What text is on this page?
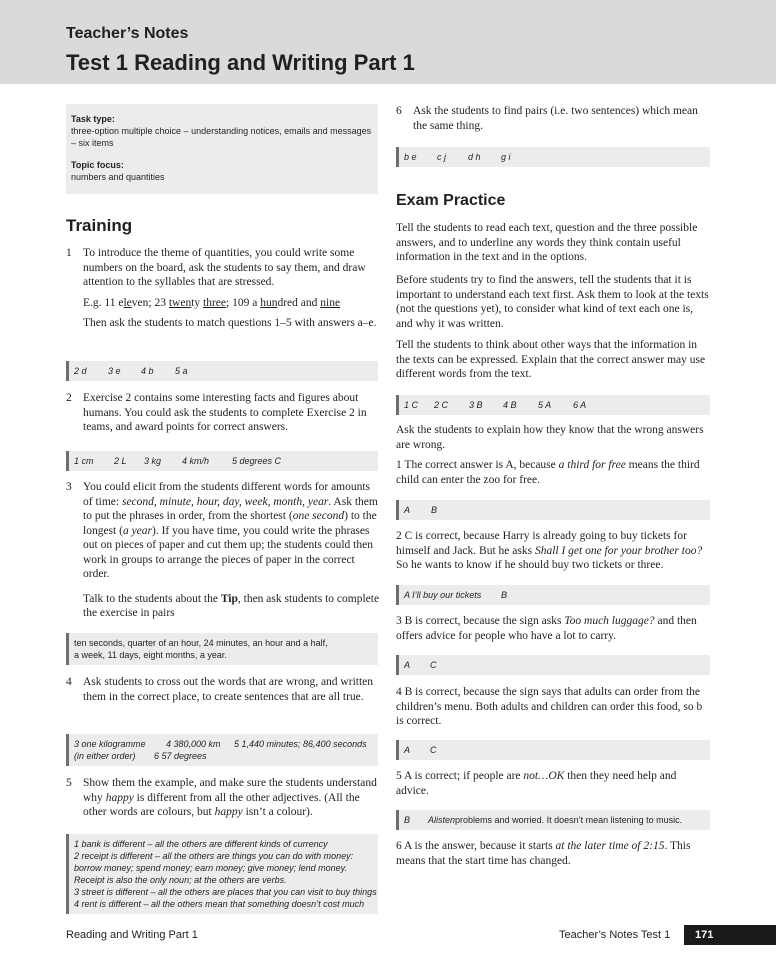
Teacher’s Notes
Test 1 Reading and Writing Part 1
Task type:
three-option multiple choice – understanding notices, emails and messages – six items
Topic focus:
numbers and quantities
Training
1 To introduce the theme of quantities, you could write some numbers on the board, ask the students to say them, and draw attention to the syllables that are stressed.
E.g. 11 eleven; 23 twenty three; 109 a hundred and nine
Then ask the students to match questions 1–5 with answers a–e.
2 d	3 e	4 b	5 a
2 Exercise 2 contains some interesting facts and figures about humans. You could ask the students to complete Exercise 2 in teams, and award points for correct answers.
1 cm	2 L	3 kg	4 km/h	5 degrees C
3 You could elicit from the students different words for amounts of time: second, minute, hour, day, week, month, year. Ask them to put the phrases in order, from the shortest (one second) to the longest (a year). If you have time, you could write the phrases out on pieces of paper and cut them up; the students could then work in groups to arrange the pieces of paper in the correct order.
Talk to the students about the Tip, then ask students to complete the exercise in pairs
ten seconds, quarter of an hour, 24 minutes, an hour and a half,
a week, 11 days, eight months, a year.
4 Ask students to cross out the words that are wrong, and written them in the correct place, to create sentences that are all true.
3 one kilogramme 4 380,000 km 5 1,440 minutes; 86,400 seconds
(in either order) 6 57 degrees
5 Show them the example, and make sure the students understand why happy is different from all the other adjectives. (All the other words are colours, but happy isn’t a colour).
1 bank is different – all the others are different kinds of currency
2 receipt is different – all the others are things you can do with money: borrow money; spend money; earn money; give money; lend money. Receipt is also the only noun; at the others are verbs.
3 street is different – all the others are places that you can visit to buy things
4 rent is different – all the others mean that something doesn’t cost much
6 Ask the students to find pairs (i.e. two sentences) which mean the same thing.
b e	c j	d h	g i
Exam Practice
Tell the students to read each text, question and the three possible answers, and to underline any words they think contain useful information in the text and in the options.
Before students try to find the answers, tell the students that it is important to understand each text first. Ask them to look at the texts (not the questions yet), to consider what kind of text each one is, and why it was written.
Tell the students to think about other ways that the information in the texts can be expressed. Explain that the correct answer may use different words from the text.
1 C	2 C	3 B	4 B	5 A	6 A
Ask the students to explain how they know that the wrong answers are wrong.
1 The correct answer is A, because a third for free means the third child can enter the zoo for free.
A	B
2 C is correct, because Harry is already going to buy tickets for himself and Jack. But he asks Shall I get one for your brother too? So he wants to know if he should buy two tickets or three.
A I’ll buy our tickets	B
3 B is correct, because the sign asks Too much luggage? and then offers advice for people who have a lot to carry.
A	C
4 B is correct, because the sign says that adults can order from the children’s menu. Both adults and children can order this food, so b is correct.
A	C
5 A is correct; if people are not…OK then they need help and advice.
B	A listen problems and worried. It doesn’t mean listening to music.
6 A is the answer, because it starts at the later time of 2:15. This means that the start time has changed.
Reading and Writing Part 1	Teacher’s Notes Test 1	171
